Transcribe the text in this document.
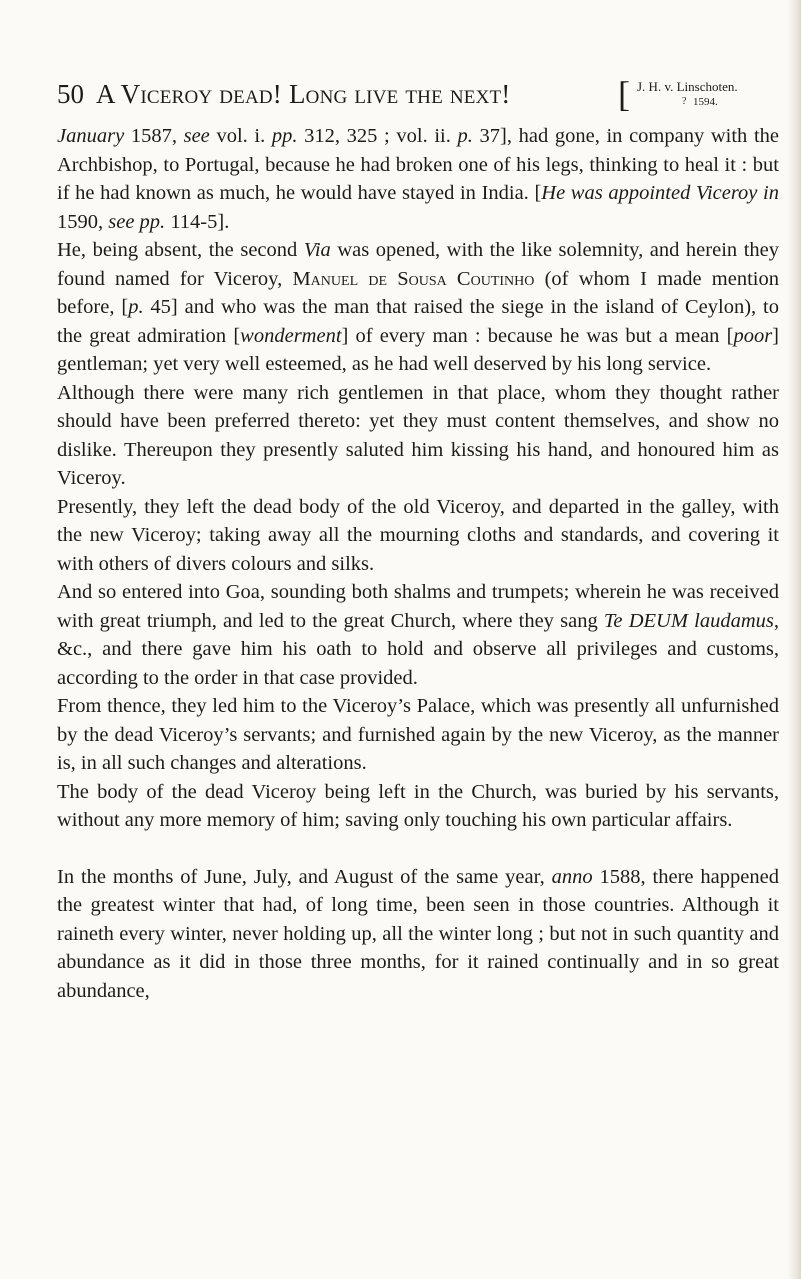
50 A Viceroy dead! Long live the next!	[ J. H. v. Linschoten.
? 1594.

January 1587, see vol. i. pp. 312, 325 ; vol. ii. p. 37], had gone, in company with the Archbishop, to Portugal, because he had broken one of his legs, thinking to heal it : but if he had known as much, he would have stayed in India. [He was appointed Viceroy in 1590, see pp. 114-5].

He, being absent, the second Via was opened, with the like solemnity, and herein they found named for Viceroy, Manuel de Sousa Coutinho (of whom I made mention before, [p. 45] and who was the man that raised the siege in the island of Ceylon), to the great admiration [wonderment] of every man : because he was but a mean [poor] gentleman; yet very well esteemed, as he had well deserved by his long service.

Although there were many rich gentlemen in that place, whom they thought rather should have been preferred thereto: yet they must content themselves, and show no dislike. Thereupon they presently saluted him kissing his hand, and honoured him as Viceroy.

Presently, they left the dead body of the old Viceroy, and departed in the galley, with the new Viceroy; taking away all the mourning cloths and standards, and covering it with others of divers colours and silks.

And so entered into Goa, sounding both shalms and trumpets; wherein he was received with great triumph, and led to the great Church, where they sang Te DEUM laudamus, &c., and there gave him his oath to hold and observe all privileges and customs, according to the order in that case provided.

From thence, they led him to the Viceroy’s Palace, which was presently all unfurnished by the dead Viceroy’s servants; and furnished again by the new Viceroy, as the manner is, in all such changes and alterations.

The body of the dead Viceroy being left in the Church, was buried by his servants, without any more memory of him; saving only touching his own particular affairs.

In the months of June, July, and August of the same year, anno 1588, there happened the greatest winter that had, of long time, been seen in those countries. Although it raineth every winter, never holding up, all the winter long ; but not in such quantity and abundance as it did in those three months, for it rained continually and in so great abundance,
